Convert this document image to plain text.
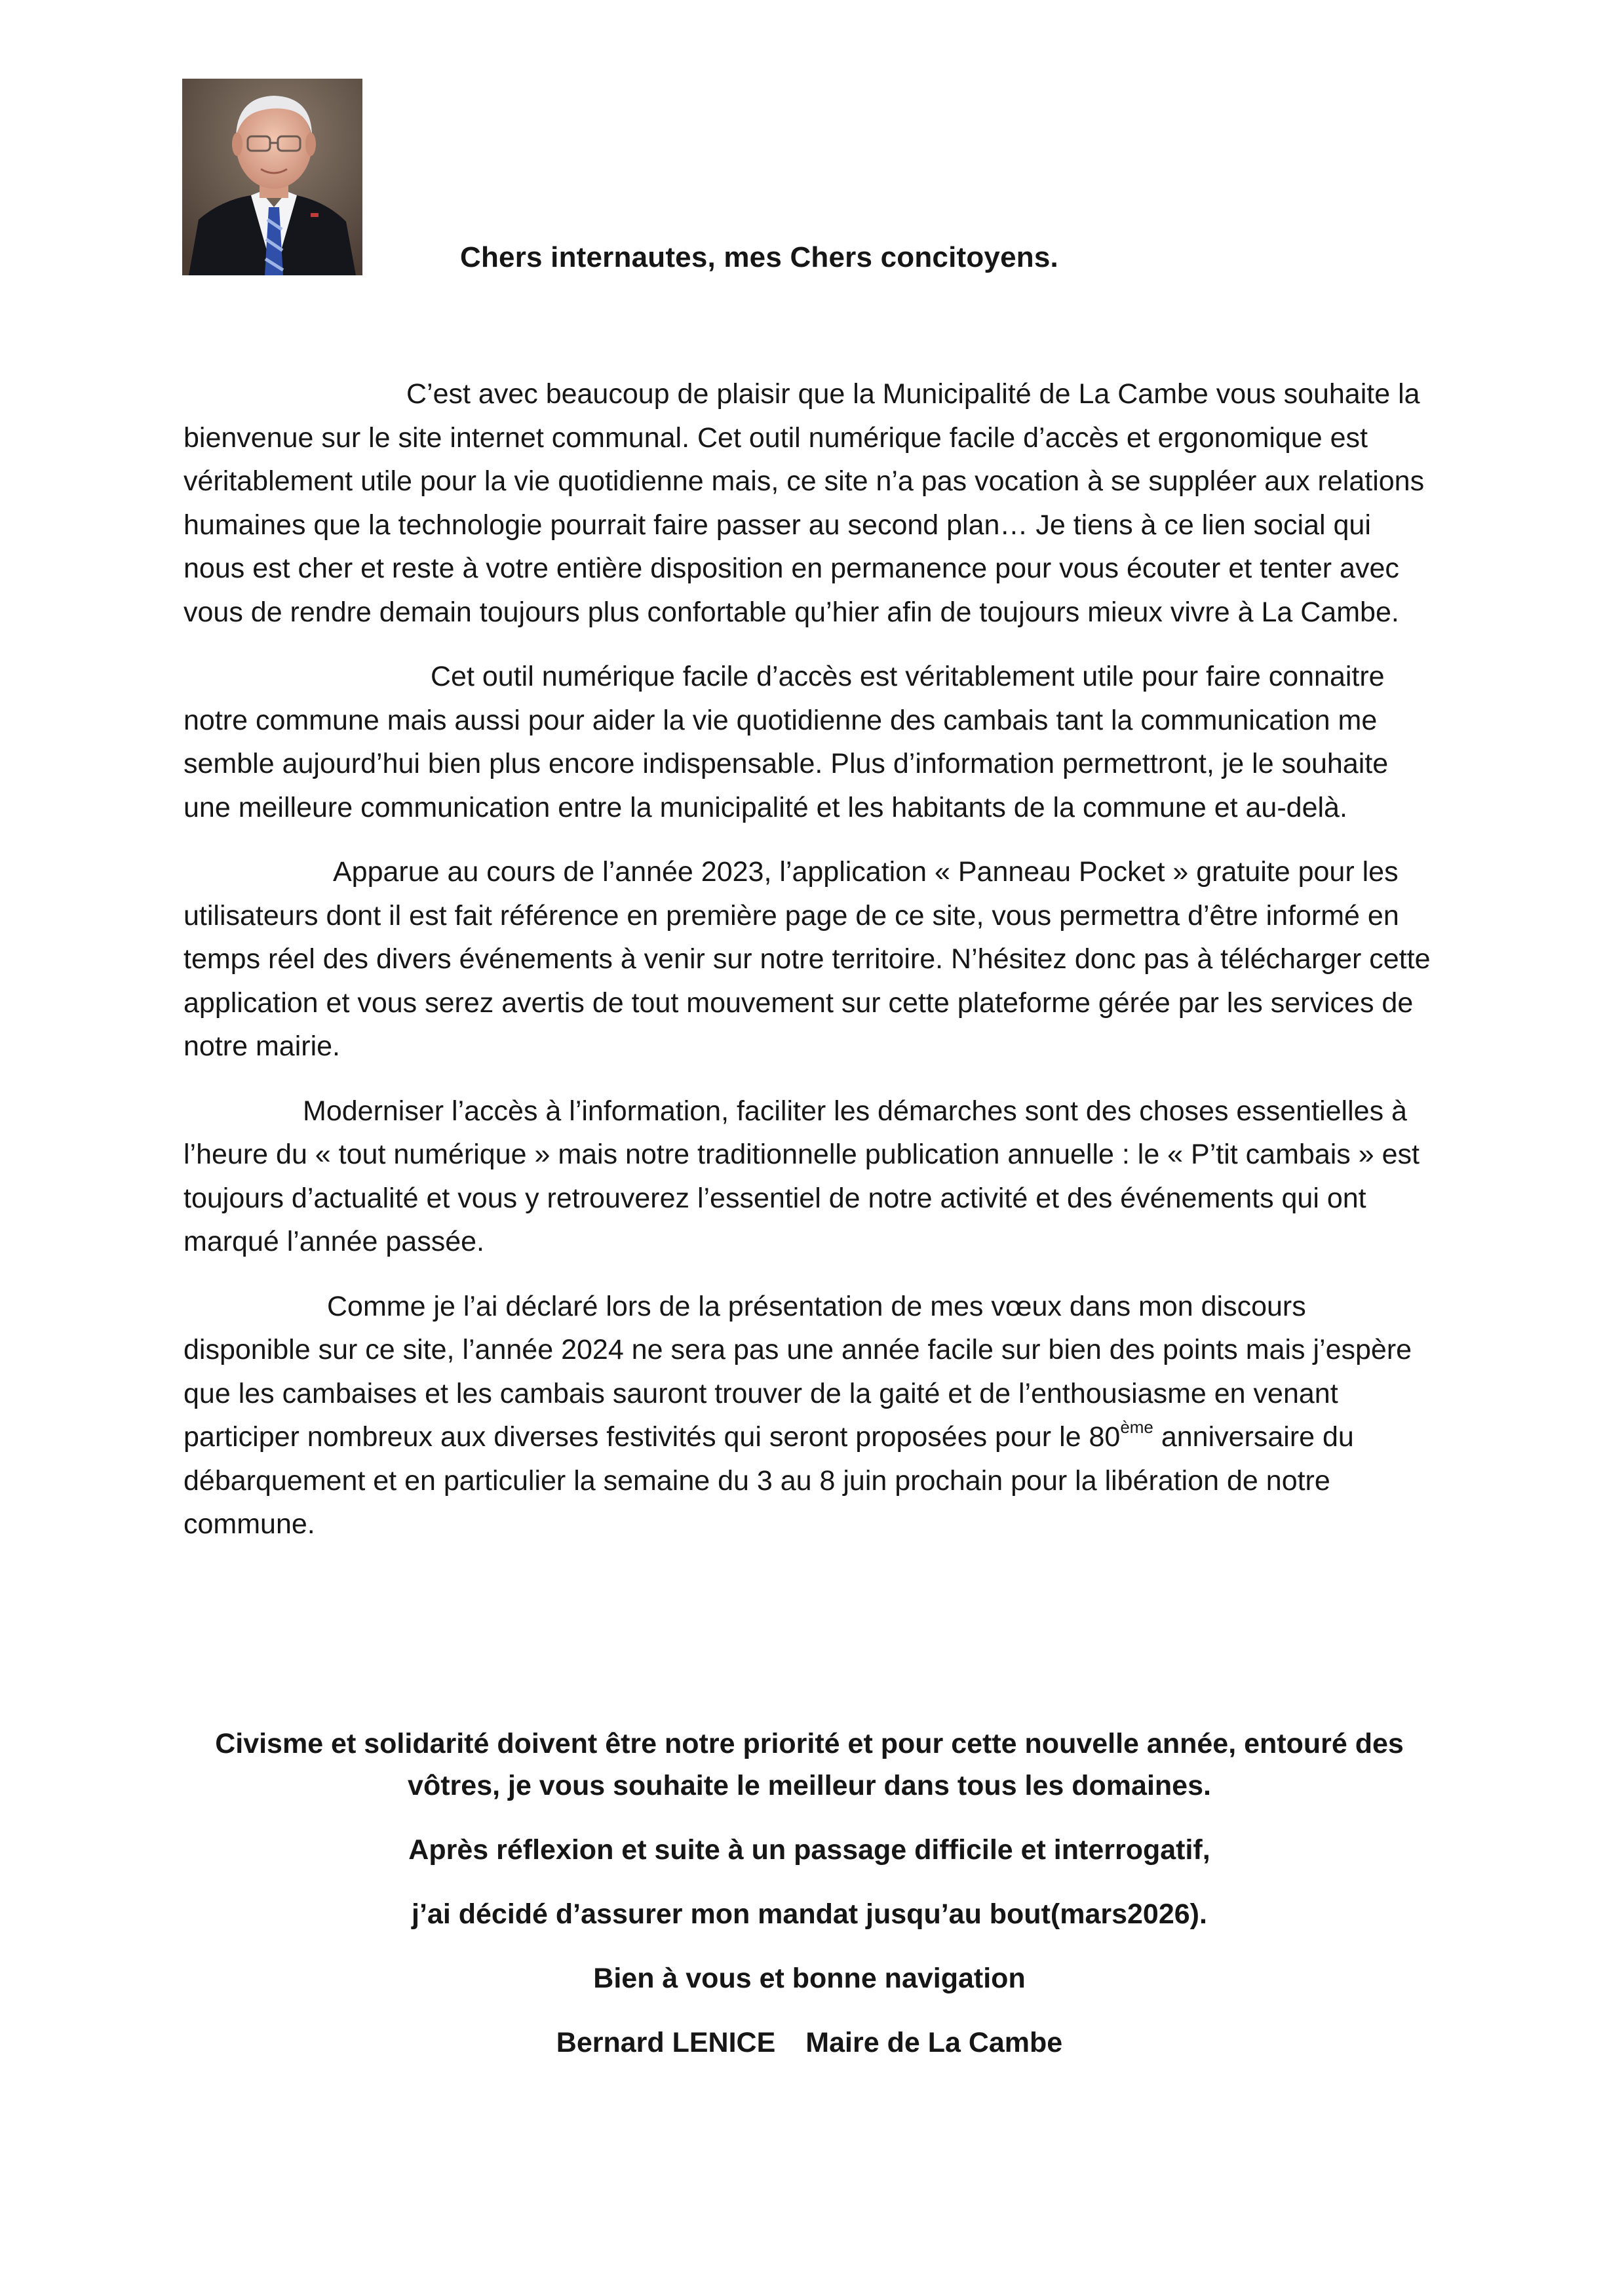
Chers internautes, mes Chers concitoyens.

C’est avec beaucoup de plaisir que la Municipalité de La Cambe vous souhaite la bienvenue sur le site internet communal. Cet outil numérique facile d’accès et ergonomique est véritablement utile pour la vie quotidienne mais, ce site n’a pas vocation à se suppléer aux relations humaines que la technologie pourrait faire passer au second plan… Je tiens à ce lien social qui nous est cher et reste à votre entière disposition en permanence pour vous écouter et tenter avec vous de rendre demain toujours plus confortable qu’hier afin de toujours mieux vivre à La Cambe.

Cet outil numérique facile d’accès est véritablement utile pour faire connaitre notre commune mais aussi pour aider la vie quotidienne des cambais tant la communication me semble aujourd’hui bien plus encore indispensable. Plus d’information permettront, je le souhaite une meilleure communication entre la municipalité et les habitants de la commune et au-delà.

Apparue au cours de l’année 2023, l’application « Panneau Pocket » gratuite pour les utilisateurs dont il est fait référence en première page de ce site, vous permettra d’être informé en temps réel des divers événements à venir sur notre territoire. N’hésitez donc pas à télécharger cette application et vous serez avertis de tout mouvement sur cette plateforme gérée par les services de notre mairie.

Moderniser l’accès à l’information, faciliter les démarches sont des choses essentielles à l’heure du « tout numérique » mais notre traditionnelle publication annuelle : le « P’tit cambais » est toujours d’actualité et vous y retrouverez l’essentiel de notre activité et des événements qui ont marqué l’année passée.

Comme je l’ai déclaré lors de la présentation de mes vœux dans mon discours disponible sur ce site, l’année 2024 ne sera pas une année facile sur bien des points mais j’espère que les cambaises et les cambais sauront trouver de la gaité et de l’enthousiasme en venant participer nombreux aux diverses festivités qui seront proposées pour le 80ème anniversaire du débarquement et en particulier la semaine du 3 au 8 juin prochain pour la libération de notre commune.

Civisme et solidarité doivent être notre priorité et pour cette nouvelle année, entouré des
vôtres, je vous souhaite le meilleur dans tous les domaines.
Après réflexion et suite à un passage difficile et interrogatif,
j’ai décidé d’assurer mon mandat jusqu’au bout(mars2026).
Bien à vous et bonne navigation
Bernard LENICE Maire de La Cambe
